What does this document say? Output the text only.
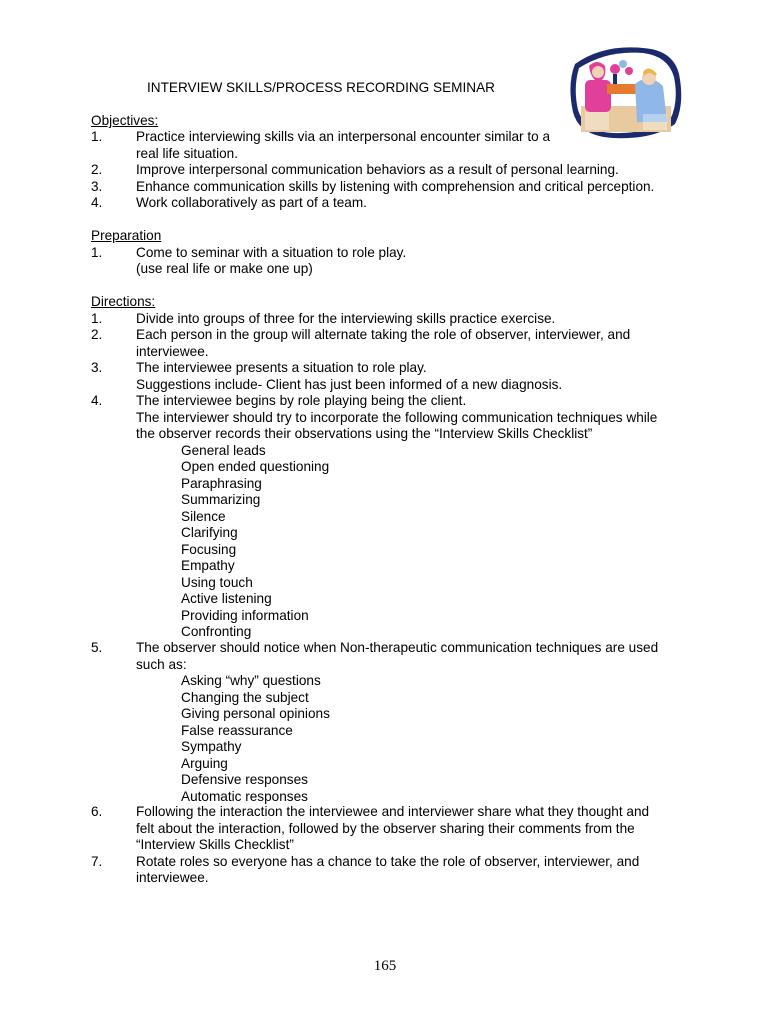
INTERVIEW SKILLS/PROCESS RECORDING SEMINAR
Objectives:
1. Practice interviewing skills via an interpersonal encounter similar to a
real life situation.
2. Improve interpersonal communication behaviors as a result of personal learning.
3. Enhance communication skills by listening with comprehension and critical perception.
4. Work collaboratively as part of a team.
Preparation
1. Come to seminar with a situation to role play.
(use real life or make one up)
Directions:
1. Divide into groups of three for the interviewing skills practice exercise.
2. Each person in the group will alternate taking the role of observer, interviewer, and
interviewee.
3. The interviewee presents a situation to role play.
Suggestions include- Client has just been informed of a new diagnosis.
4. The interviewee begins by role playing being the client.
The interviewer should try to incorporate the following communication techniques while
the observer records their observations using the “Interview Skills Checklist”
General leads
Open ended questioning
Paraphrasing
Summarizing
Silence
Clarifying
Focusing
Empathy
Using touch
Active listening
Providing information
Confronting
5. The observer should notice when Non-therapeutic communication techniques are used
such as:
Asking “why” questions
Changing the subject
Giving personal opinions
False reassurance
Sympathy
Arguing
Defensive responses
Automatic responses
6. Following the interaction the interviewee and interviewer share what they thought and
felt about the interaction, followed by the observer sharing their comments from the
“Interview Skills Checklist”
7. Rotate roles so everyone has a chance to take the role of observer, interviewer, and
interviewee.
165
